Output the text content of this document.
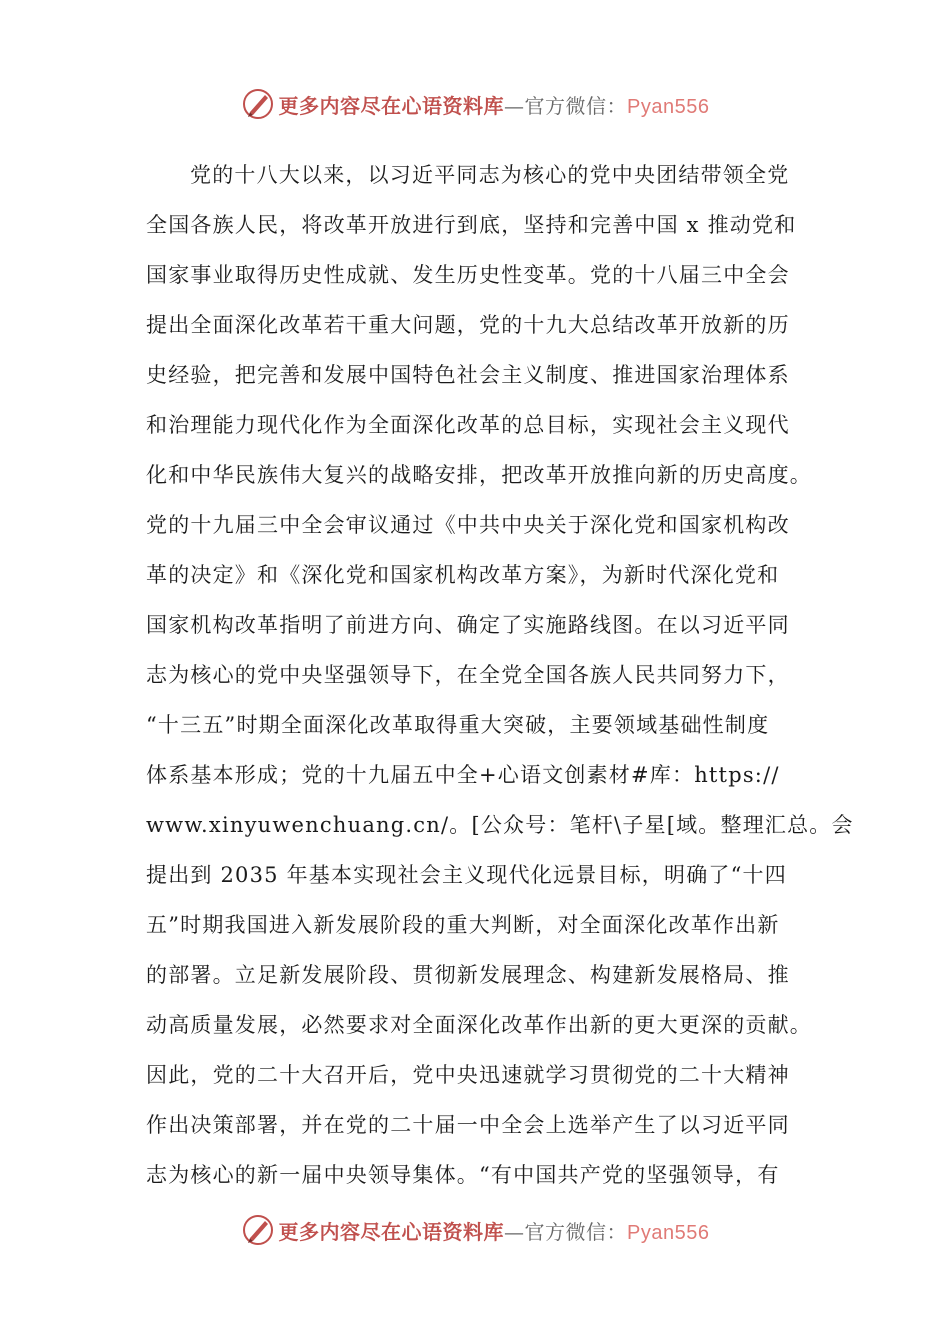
更多内容尽在心语资料库—官方微信：Pyan556
党的十八大以来，以习近平同志为核心的党中央团结带领全党
全国各族人民，将改革开放进行到底，坚持和完善中国 x 推动党和
国家事业取得历史性成就、发生历史性变革。党的十八届三中全会
提出全面深化改革若干重大问题，党的十九大总结改革开放新的历
史经验，把完善和发展中国特色社会主义制度、推进国家治理体系
和治理能力现代化作为全面深化改革的总目标，实现社会主义现代
化和中华民族伟大复兴的战略安排，把改革开放推向新的历史高度。
党的十九届三中全会审议通过《中共中央关于深化党和国家机构改
革的决定》和《深化党和国家机构改革方案》，为新时代深化党和
国家机构改革指明了前进方向、确定了实施路线图。在以习近平同
志为核心的党中央坚强领导下，在全党全国各族人民共同努力下，
“十三五”时期全面深化改革取得重大突破，主要领域基础性制度
体系基本形成；党的十九届五中全+心语文创素材#库：https://
www.xinyuwenchuang.cn/。[公众号：笔杆\子星[域。整理汇总。会
提出到 2035 年基本实现社会主义现代化远景目标，明确了“十四
五”时期我国进入新发展阶段的重大判断，对全面深化改革作出新
的部署。立足新发展阶段、贯彻新发展理念、构建新发展格局、推
动高质量发展，必然要求对全面深化改革作出新的更大更深的贡献。
因此，党的二十大召开后，党中央迅速就学习贯彻党的二十大精神
作出决策部署，并在党的二十届一中全会上选举产生了以习近平同
志为核心的新一届中央领导集体。“有中国共产党的坚强领导，有
更多内容尽在心语资料库—官方微信：Pyan556
